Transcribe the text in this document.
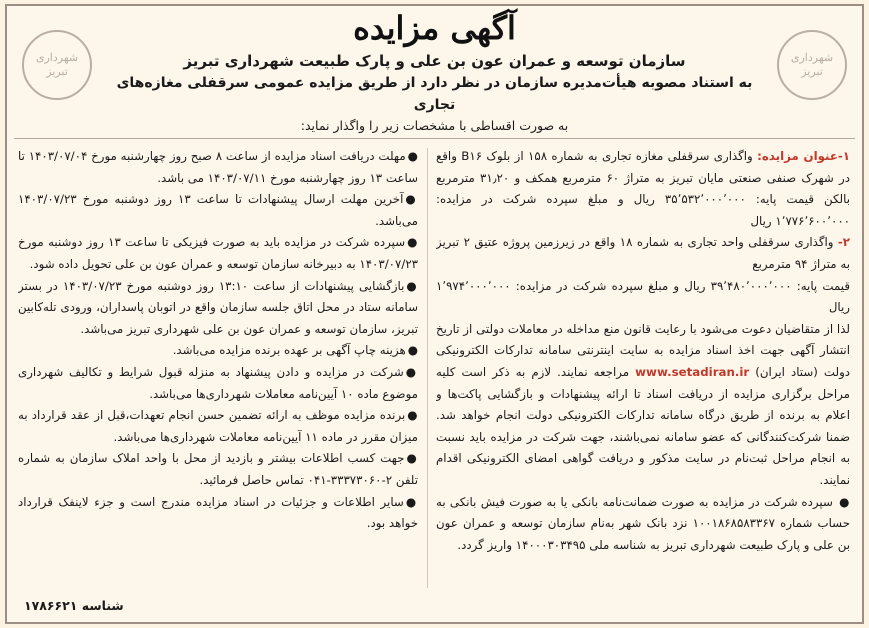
شهرداری تبریز
شهرداری تبریز
آگهی مزایده
سازمان توسعه و عمران عون بن علی و پارک طبیعت شهرداری تبریز
به استناد مصوبه هیأت‌مدیره سازمان در نظر دارد از طریق مزایده عمومی سرقفلی مغازه‌های تجاری
به صورت اقساطی با مشخصات زیر را واگذار نماید:

۱-عنوان مزایده: واگذاری سرقفلی مغازه تجاری به شماره ۱۵۸ از بلوک B۱۶ واقع در شهرک صنفی صنعتی مایان تبریز به متراژ ۶۰ مترمربع همکف و ۳۱٫۲۰ مترمربع بالکن قیمت پایه: ۳۵٬۵۳۲٬۰۰۰٬۰۰۰ ریال و مبلغ سپرده شرکت در مزایده: ۱٬۷۷۶٬۶۰۰٬۰۰۰ ریال

۲- واگذاری سرقفلی واحد تجاری به شماره ۱۸ واقع در زیرزمین پروژه عتیق ۲ تبریز به متراژ ۹۴ مترمربع

قیمت پایه: ۳۹٬۴۸۰٬۰۰۰٬۰۰۰ ریال و مبلغ سپرده شرکت در مزایده: ۱٬۹۷۴٬۰۰۰٬۰۰۰ ریال

لذا از متقاضیان دعوت می‌شود با رعایت قانون منع مداخله در معاملات دولتی از تاریخ انتشار آگهی جهت اخذ اسناد مزایده به سایت اینترنتی سامانه تدارکات الکترونیکی دولت (ستاد ایران) www.setadiran.ir مراجعه نمایند. لازم به ذکر است کلیه مراحل برگزاری مزایده از دریافت اسناد تا ارائه پیشنهادات و بازگشایی پاکت‌ها و اعلام به برنده از طریق درگاه سامانه تدارکات الکترونیکی دولت انجام خواهد شد. ضمنا شرکت‌کنندگانی که عضو سامانه نمی‌باشند، جهت شرکت در مزایده باید نسبت به انجام مراحل ثبت‌نام در سایت مذکور و دریافت گواهی امضای الکترونیکی اقدام نمایند.

● سپرده شرکت در مزایده به صورت ضمانت‌نامه بانکی یا به صورت فیش بانکی به حساب شماره ۱۰۰۱۸۶۸۵۸۳۳۶۷ نزد بانک شهر به‌نام سازمان توسعه و عمران عون بن علی و پارک طبیعت شهرداری تبریز به شناسه ملی ۱۴۰۰۰۳۰۳۴۹۵ واریز گردد.

●مهلت دریافت اسناد مزایده از ساعت ۸ صبح روز چهارشنبه مورخ ۱۴۰۳/۰۷/۰۴ تا ساعت ۱۳ روز چهارشنبه مورخ ۱۴۰۳/۰۷/۱۱ می باشد.

●آخرین مهلت ارسال پیشنهادات تا ساعت ۱۳ روز دوشنبه مورخ ۱۴۰۳/۰۷/۲۳ می‌باشد.

●سپرده شرکت در مزایده باید به صورت فیزیکی تا ساعت ۱۳ روز دوشنبه مورخ ۱۴۰۳/۰۷/۲۳ به دبیرخانه سازمان توسعه و عمران عون بن علی تحویل داده شود.

●بازگشایی پیشنهادات از ساعت ۱۳:۱۰ روز دوشنبه مورخ ۱۴۰۳/۰۷/۲۳ در بستر سامانه ستاد در محل اتاق جلسه سازمان واقع در اتوبان پاسداران، ورودی تله‌کابین تبریز، سازمان توسعه و عمران عون بن علی شهرداری تبریز می‌باشد.

●هزینه چاپ آگهی بر عهده برنده مزایده می‌باشد.

●شرکت در مزایده و دادن پیشنهاد به منزله قبول شرایط و تکالیف شهرداری موضوع ماده ۱۰ آیین‌نامه معاملات شهرداری‌ها می‌باشد.

●برنده مزایده موظف به ارائه تضمین حسن انجام تعهدات،قبل از عقد قرارداد به میزان مقرر در ماده ۱۱ آیین‌نامه معاملات شهرداری‌ها می‌باشد.

●جهت کسب اطلاعات بیشتر و بازدید از محل با واحد املاک سازمان به شماره تلفن ۲-۳۳۳۷۳۰۶۰-۰۴۱ تماس حاصل فرمائید.

●سایر اطلاعات و جزئیات در اسناد مزایده مندرج است و جزء لاینفک قرارداد خواهد بود.

شناسه ۱۷۸۶۶۲۱
